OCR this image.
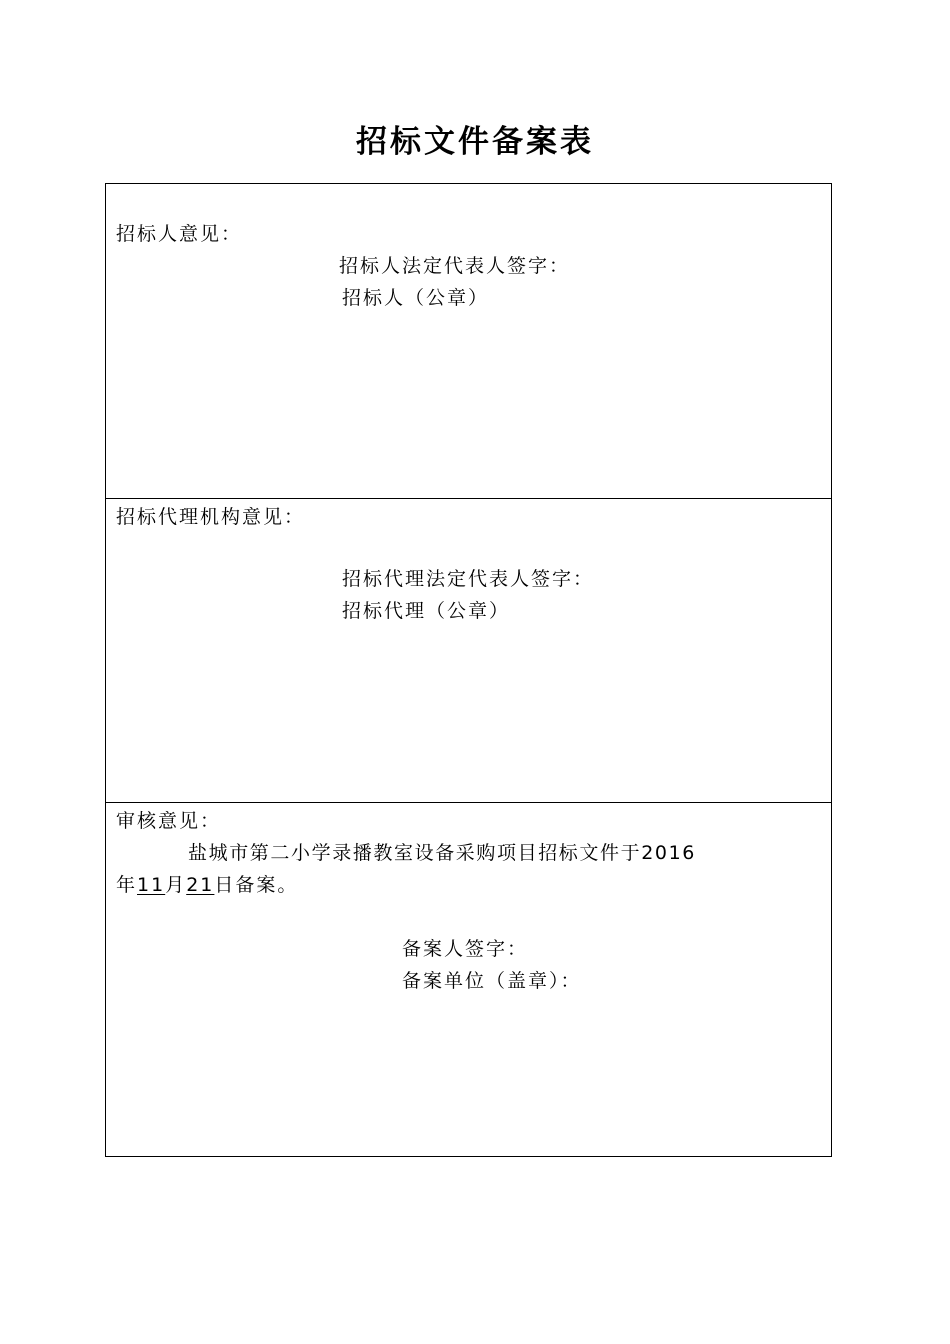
招标文件备案表
招标人意见：
招标人法定代表人签字：
招标人（公章）
招标代理机构意见：
招标代理法定代表人签字：
招标代理（公章）
审核意见：
盐城市第二小学录播教室设备采购项目招标文件于2016
年11月21日备案。
备案人签字：
备案单位（盖章）：
